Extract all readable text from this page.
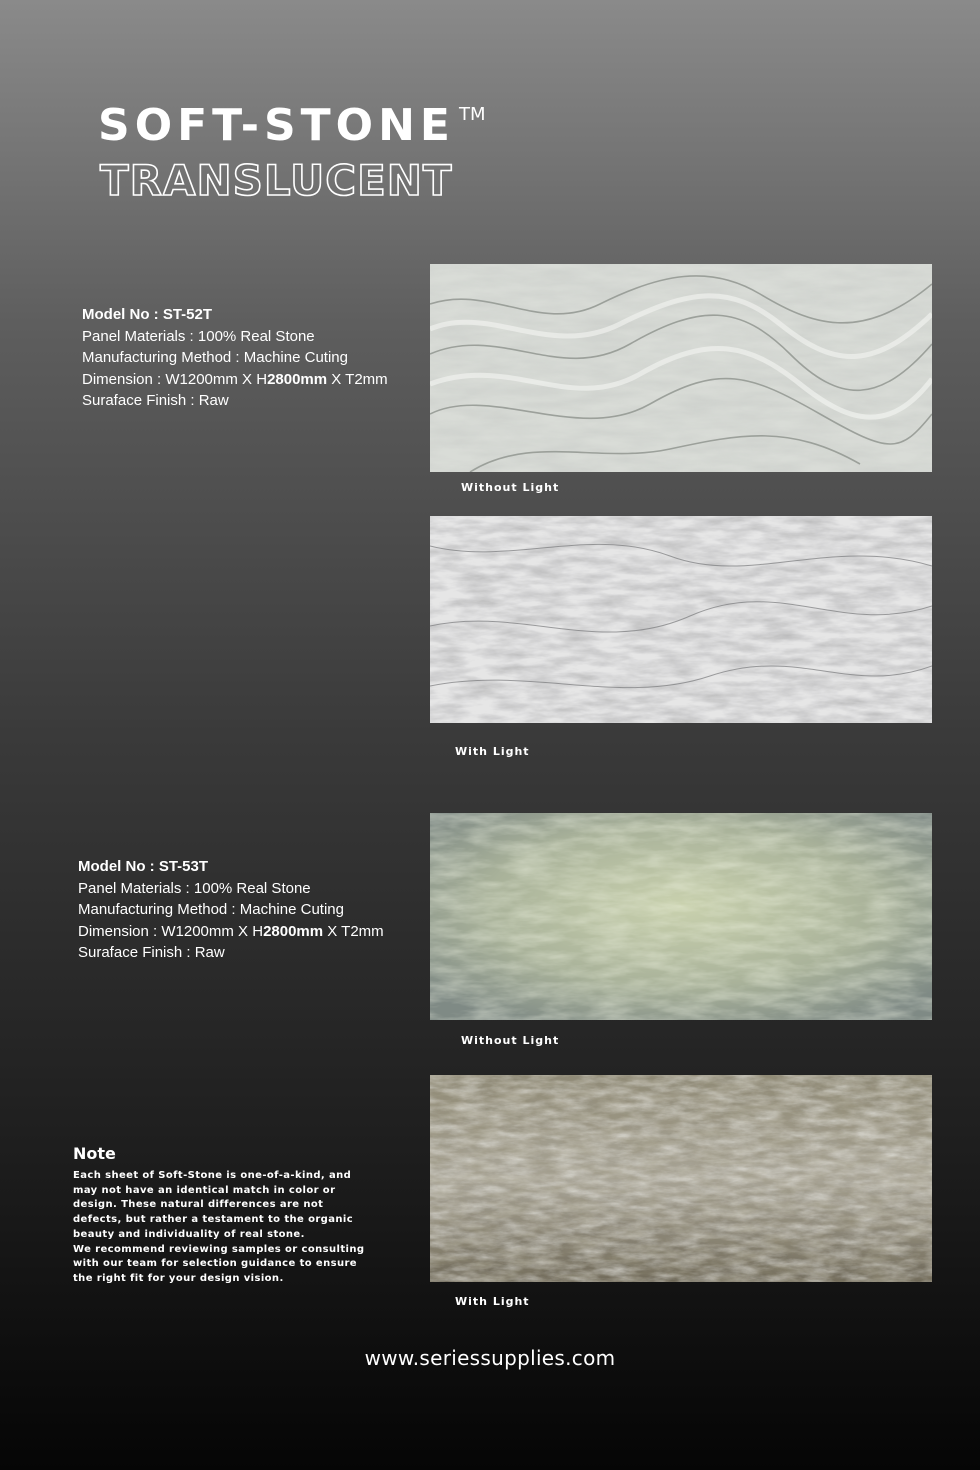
SOFT-STONE ™
TRANSLUCENT
Model No : ST-52T
Panel Materials : 100% Real Stone
Manufacturing Method : Machine Cuting
Dimension : W1200mm X H2800mm X T2mm
Suraface Finish : Raw
Without Light
With Light
Model No : ST-53T
Panel Materials : 100% Real Stone
Manufacturing Method : Machine Cuting
Dimension : W1200mm X H2800mm X T2mm
Suraface Finish : Raw
Without Light
With Light
Note
Each sheet of Soft-Stone is one-of-a-kind, and
may not have an identical match in color or
design. These natural differences are not
defects, but rather a testament to the organic
beauty and individuality of real stone.
We recommend reviewing samples or consulting
with our team for selection guidance to ensure
the right fit for your design vision.
www.seriessupplies.com
